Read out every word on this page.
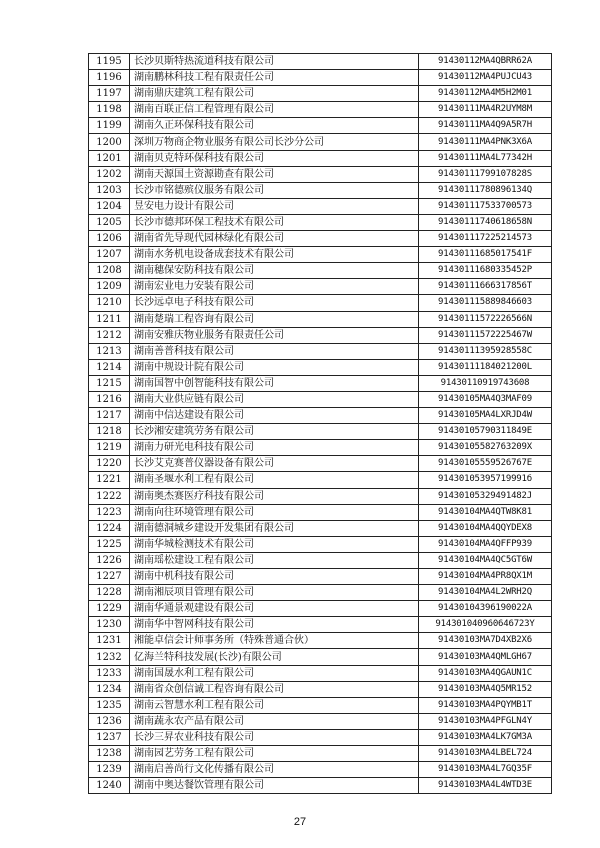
1195	长沙贝斯特热流道科技有限公司	91430112MA4QBRR62A
1196	湖南鹏林科技工程有限责任公司	91430112MA4PUJCU43
1197	湖南鼎庆建筑工程有限公司	91430112MA4M5H2M01
1198	湖南百联正信工程管理有限公司	91430111MA4R2UYM8M
1199	湖南久正环保科技有限公司	91430111MA4Q9A5R7H
1200	深圳万物商企物业服务有限公司长沙分公司	91430111MA4PNK3X6A
1201	湖南贝克特环保科技有限公司	91430111MA4L77342H
1202	湖南天源国土资源勘查有限公司	91430111799107828S
1203	长沙市铭德殡仪服务有限公司	91430111780896134Q
1204	昱安电力设计有限公司	91430111753370057З
1205	长沙市德邦环保工程技术有限公司	91430111740618658N
1206	湖南省先导现代园林绿化有限公司	91430111722521457З
1207	湖南水务机电设备成套技术有限公司	91430111685017541F
1208	湖南穗保安防科技有限公司	91430111680335452P
1209	湖南宏业电力安装有限公司	91430111666317856T
1210	长沙远卓电子科技有限公司	91430111588984660З
1211	湖南楚瑞工程咨询有限公司	91430111572226566N
1212	湖南安雅庆物业服务有限责任公司	91430111572225467W
1213	湖南善普科技有限公司	91430111395928558C
1214	湖南中规设计院有限公司	91430111184021200L
1215	湖南国智中创智能科技有限公司	91430110919743608
1216	湖南大业供应链有限公司	91430105MA4Q3MAF09
1217	湖南中信达建设有限公司	91430105MA4LXRJD4W
1218	长沙湘安建筑劳务有限公司	91430105790311849E
1219	湖南力研光电科技有限公司	91430105582763209X
1220	长沙艾克赛普仪器设备有限公司	91430105559526767E
1221	湖南圣堰水利工程有限公司	91430105395719991б
1222	湖南奥杰赛医疗科技有限公司	91430105329491482J
1223	湖南向往环境管理有限公司	91430104MA4QTW8K81
1224	湖南德洞城乡建设开发集团有限公司	91430104MA4QQYDEX8
1225	湖南华城检测技术有限公司	91430104MA4QFFP939
1226	湖南瑶松建设工程有限公司	91430104MA4QC5GT6W
1227	湖南中机科技有限公司	91430104MA4PR8QX1M
1228	湖南湘辰项目管理有限公司	91430104MA4L2WRH2Q
1229	湖南华通景观建设有限公司	91430104396190022A
1230	湖南华中智网科技有限公司	91430104096064672ЗY
1231	湘能卓信会计师事务所（特殊普通合伙）	91430103MA7D4XB2X6
1232	亿海兰特科技发展(长沙)有限公司	91430103MA4QMLGH67
1233	湖南国晟水利工程有限公司	91430103MA4QGAUN1C
1234	湖南省众创信诚工程咨询有限公司	91430103MA4Q5MR152
1235	湖南云智慧水利工程有限公司	91430103MA4PQYMB1T
1236	湖南蔬永农产品有限公司	91430103MA4PFGLN4Y
1237	长沙三昇农业科技有限公司	91430103MA4LK7GM3A
1238	湖南园艺劳务工程有限公司	91430103MA4LBEL724
1239	湖南启善尚行文化传播有限公司	91430103MA4L7GQ35F
1240	湖南中奥达餐饮管理有限公司	91430103MA4L4WTD3E
27
